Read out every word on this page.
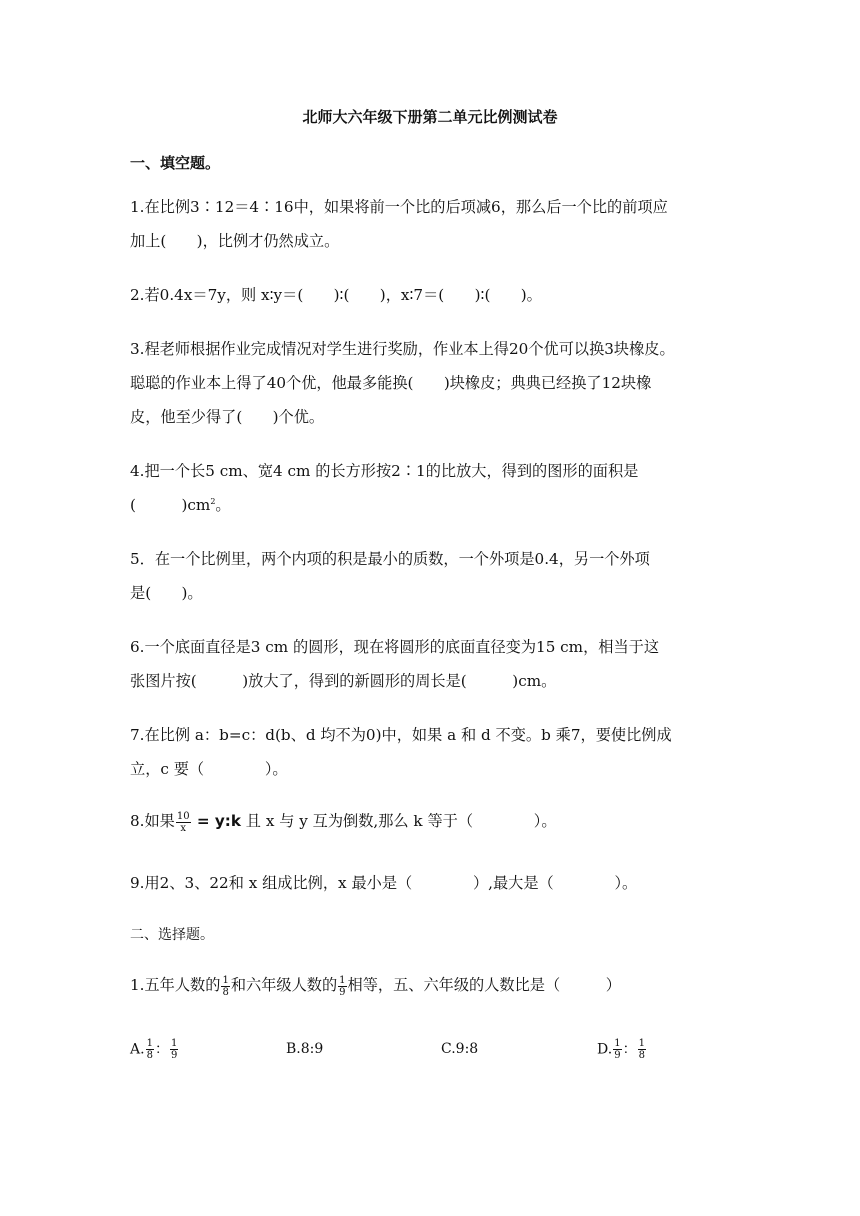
北师大六年级下册第二单元比例测试卷
一、填空题。
1.在比例3∶12＝4∶16中，如果将前一个比的后项减6，那么后一个比的前项应
加上(　　)，比例才仍然成立。
2.若0.4x＝7y，则 x∶y＝(　　)∶(　　)，x∶7＝(　　)∶(　　)。
3.程老师根据作业完成情况对学生进行奖励，作业本上得20个优可以换3块橡皮。
聪聪的作业本上得了40个优，他最多能换(　　)块橡皮；典典已经换了12块橡
皮，他至少得了(　　)个优。
4.把一个长5 cm、宽4 cm 的长方形按2∶1的比放大，得到的图形的面积是
(　　　)$cm^2$。
5．在一个比例里，两个内项的积是最小的质数，一个外项是0.4，另一个外项
是(　　)。
6.一个底面直径是3 cm 的圆形，现在将圆形的底面直径变为15 cm，相当于这
张图片按(　　　)放大了，得到的新圆形的周长是(　　　)cm。
7.在比例 a：b=c：d(b、d 均不为0)中，如果 a 和 d 不变。b 乘7，要使比例成
立，c 要（　　　　）。
8.如果 $\frac{10}{x}$ = y:k 且 x 与 y 互为倒数,那么 k 等于（　　　　）。
9.用2、3、22和 x 组成比例，x 最小是（　　　　）,最大是（　　　　）。
二、选择题。
1.五年人数的 $\frac{1}{8}$ 和六年级人数的 $\frac{1}{9}$ 相等，五、六年级的人数比是（　　　）
A. $\frac{1}{8}$ ： $\frac{1}{9}$	B.8:9	C.9:8	D. $\frac{1}{9}$ ： $\frac{1}{8}$
